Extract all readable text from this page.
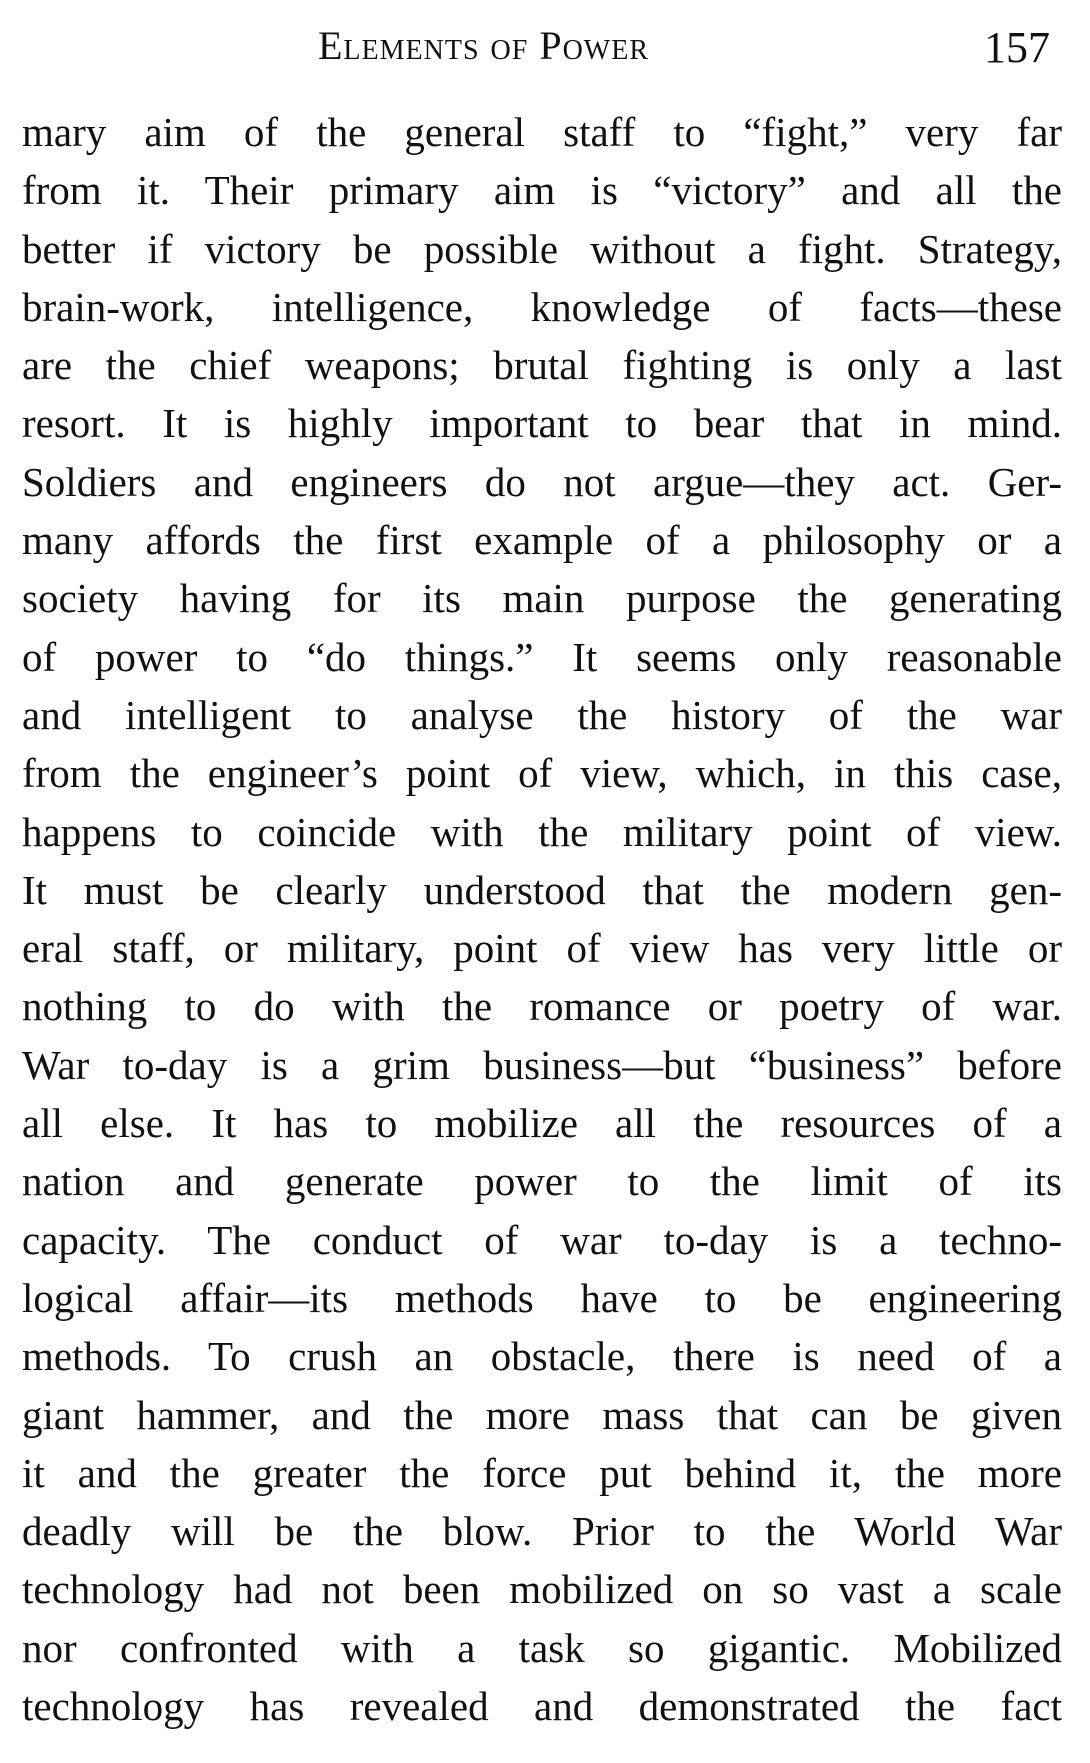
Elements of Power	157
mary aim of the general staff to “fight,” very far
from it. Their primary aim is “victory” and all the
better if victory be possible without a fight. Strategy,
brain-work, intelligence, knowledge of facts—these
are the chief weapons; brutal fighting is only a last
resort. It is highly important to bear that in mind.
Soldiers and engineers do not argue—they act. Ger-
many affords the first example of a philosophy or a
society having for its main purpose the generating
of power to “do things.” It seems only reasonable
and intelligent to analyse the history of the war
from the engineer’s point of view, which, in this case,
happens to coincide with the military point of view.
It must be clearly understood that the modern gen-
eral staff, or military, point of view has very little or
nothing to do with the romance or poetry of war.
War to-day is a grim business—but “business” before
all else. It has to mobilize all the resources of a
nation and generate power to the limit of its
capacity. The conduct of war to-day is a techno-
logical affair—its methods have to be engineering
methods. To crush an obstacle, there is need of a
giant hammer, and the more mass that can be given
it and the greater the force put behind it, the more
deadly will be the blow. Prior to the World War
technology had not been mobilized on so vast a scale
nor confronted with a task so gigantic. Mobilized
technology has revealed and demonstrated the fact
